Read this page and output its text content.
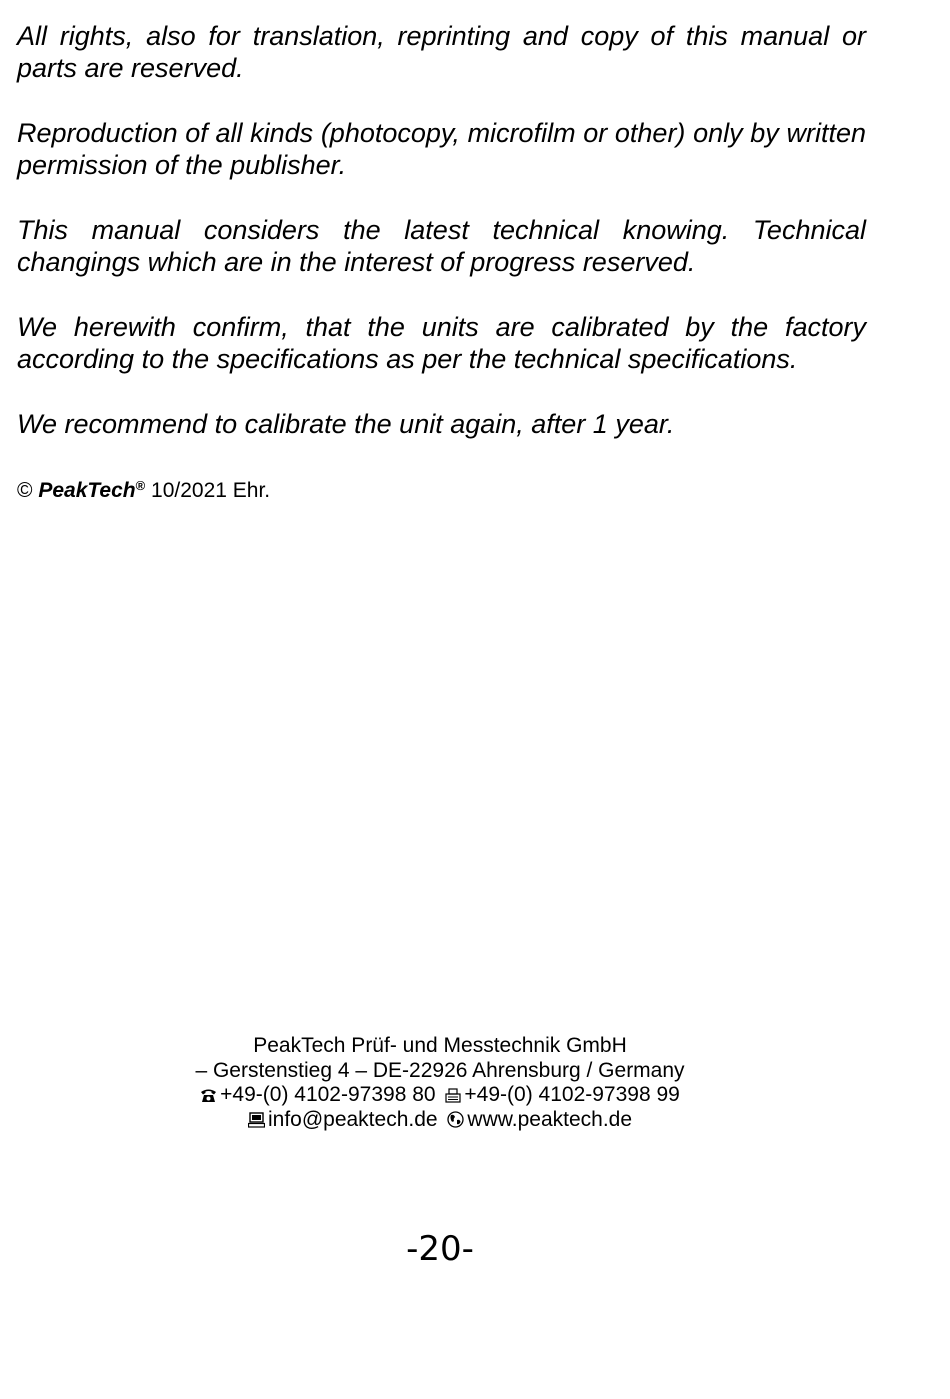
All rights, also for translation, reprinting and copy of this manual or parts are reserved.

Reproduction of all kinds (photocopy, microfilm or other) only by written permission of the publisher.

This manual considers the latest technical knowing. Technical changings which are in the interest of progress reserved.

We herewith confirm, that the units are calibrated by the factory according to the specifications as per the technical specifications.

We recommend to calibrate the unit again, after 1 year.

© PeakTech® 10/2021 Ehr.
PeakTech Prüf- und Messtechnik GmbH
– Gerstenstieg 4 – DE-22926 Ahrensburg / Germany
+49-(0) 4102-97398 80 +49-(0) 4102-97398 99
info@peaktech.de www.peaktech.de
-20-
